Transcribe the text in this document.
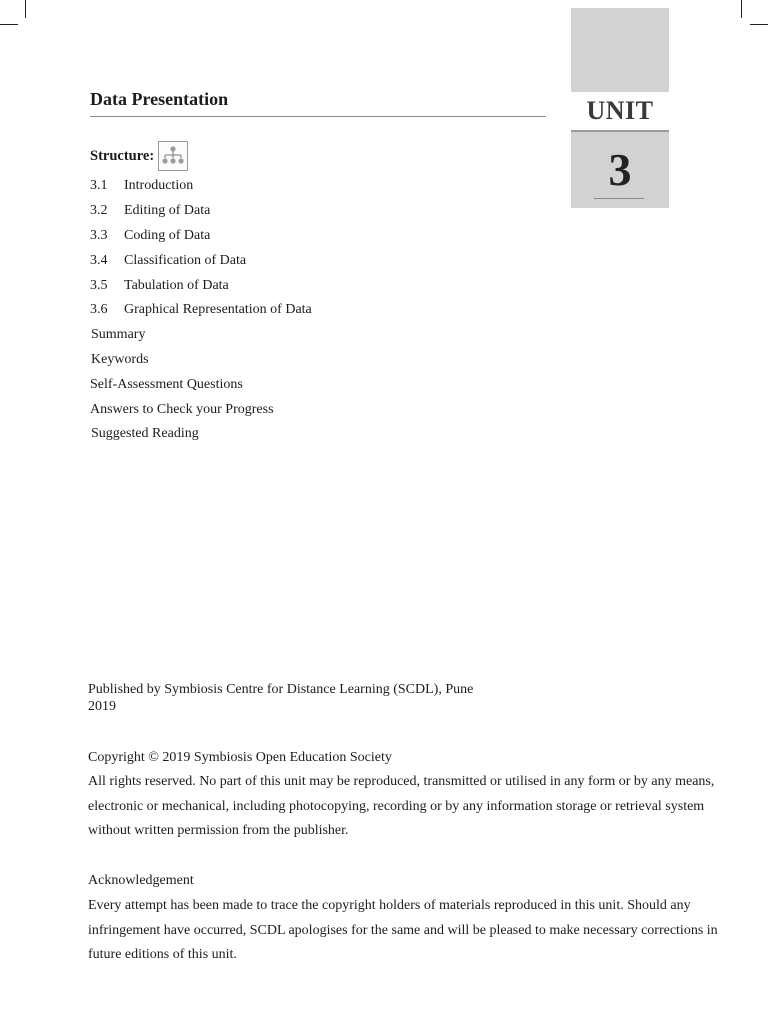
UNIT
3
Data Presentation
Structure:
3.1	Introduction
3.2	Editing of Data
3.3	Coding of Data
3.4	Classification of Data
3.5	Tabulation of Data
3.6	Graphical Representation of Data
Summary
Keywords
Self-Assessment Questions
Answers to Check your Progress
Suggested Reading
Published by Symbiosis Centre for Distance Learning (SCDL), Pune
2019
Copyright © 2019 Symbiosis Open Education Society

All rights reserved. No part of this unit may be reproduced, transmitted or utilised in any form or by any means, electronic or mechanical, including photocopying, recording or by any information storage or retrieval system without written permission from the publisher.

Acknowledgement

Every attempt has been made to trace the copyright holders of materials reproduced in this unit. Should any infringement have occurred, SCDL apologises for the same and will be pleased to make necessary corrections in future editions of this unit.
